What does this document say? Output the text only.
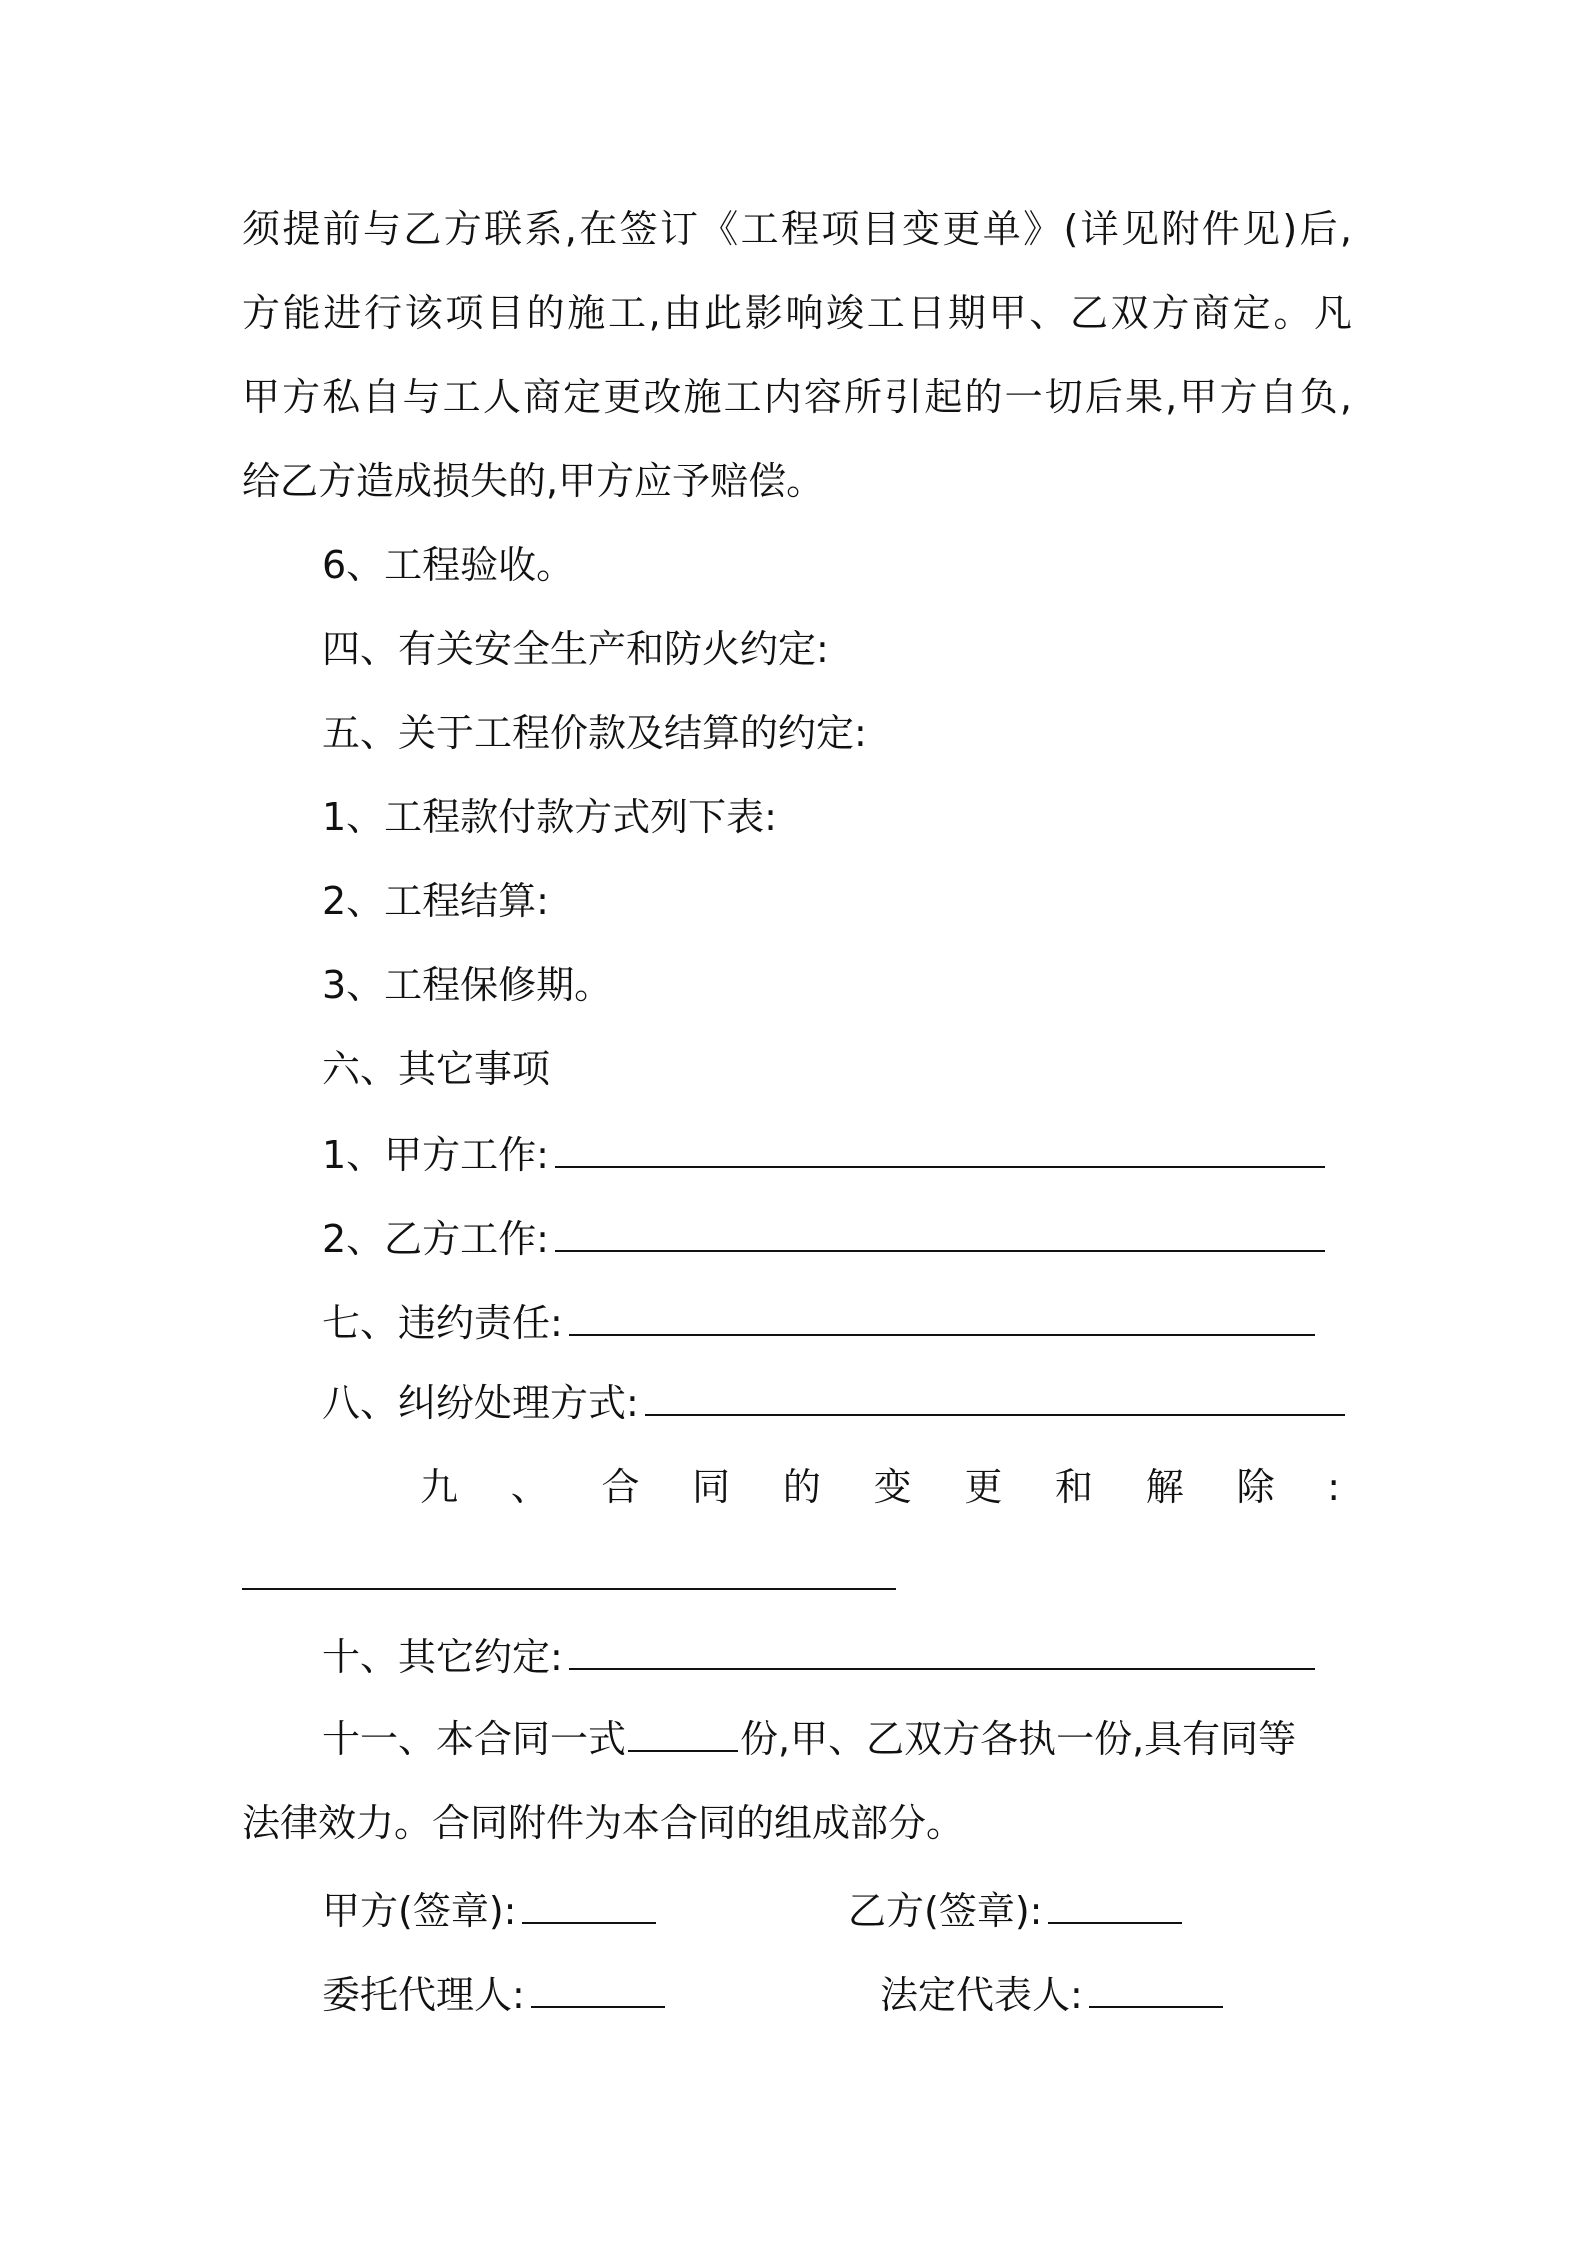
须提前与乙方联系,在签订《工程项目变更单》(详见附件见)后,
方能进行该项目的施工,由此影响竣工日期甲、乙双方商定。凡
甲方私自与工人商定更改施工内容所引起的一切后果,甲方自负,
给乙方造成损失的,甲方应予赔偿。
6、工程验收。
四、有关安全生产和防火约定:
五、关于工程价款及结算的约定:
1、工程款付款方式列下表:
2、工程结算:
3、工程保修期。
六、其它事项
1、甲方工作:
2、乙方工作:
七、违约责任:
八、纠纷处理方式:
九 、 合 同 的 变 更 和 解 除 :
十、其它约定:
十一、本合同一式	份,甲、乙双方各执一份,具有同等
法律效力。合同附件为本合同的组成部分。
甲方(签章):	乙方(签章):
委托代理人:	法定代表人:
